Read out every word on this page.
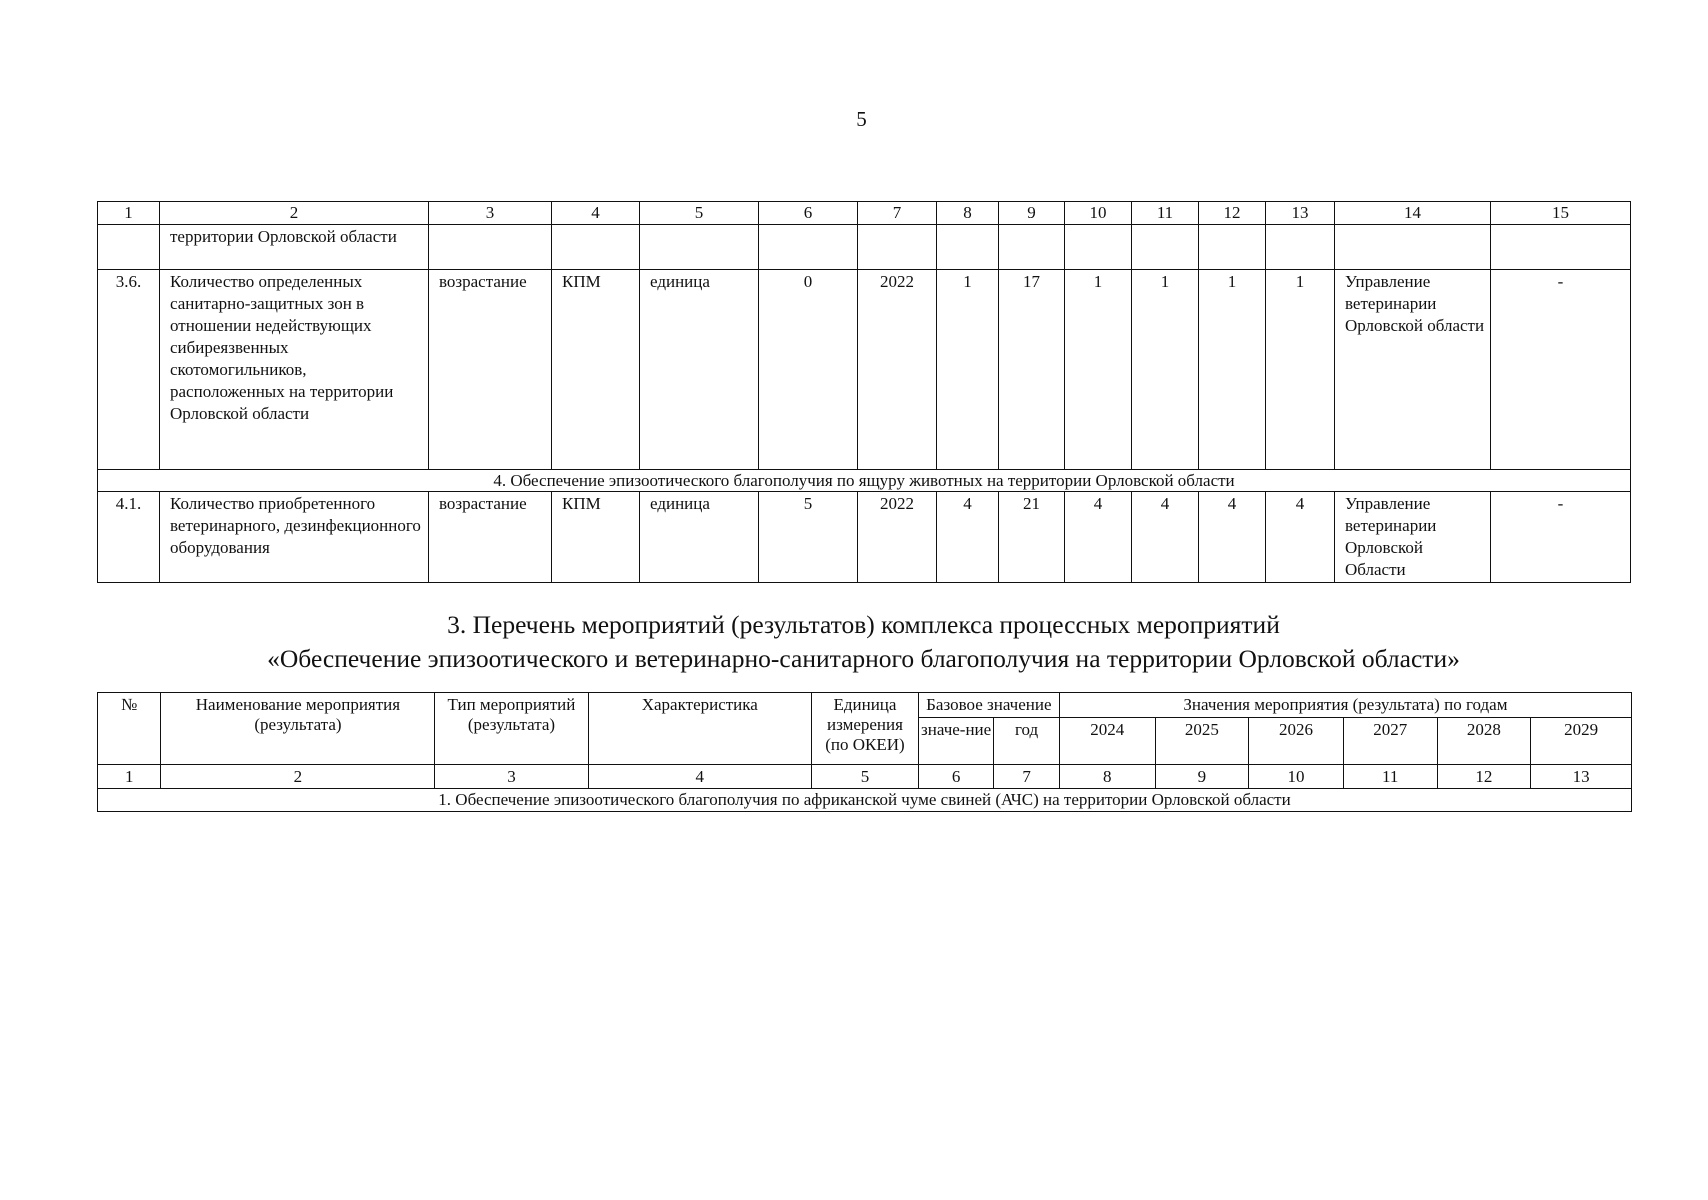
5
1	2	3	4	5	6	7	8	9	10	11	12	13	14	15
	территории Орловской области													
3.6.	Количество определенных санитарно-защитных зон в отношении недействующих сибиреязвенных скотомогильников, расположенных на территории Орловской области	возрастание	КПМ	единица	0	2022	1	17	1	1	1	1	Управление ветеринарии Орловской области	-
4. Обеспечение эпизоотического благополучия по ящуру животных на территории Орловской области														
4.1.	Количество приобретенного ветеринарного, дезинфекционного оборудования	возрастание	КПМ	единица	5	2022	4	21	4	4	4	4	Управление ветеринарии Орловской Области	-
3. Перечень мероприятий (результатов) комплекса процессных мероприятий
«Обеспечение эпизоотического и ветеринарно-санитарного благополучия на территории Орловской области»
№	Наименование мероприятия (результата)	Тип мероприятий (результата)	Характеристика	Единица измерения (по ОКЕИ)	Базовое значение		Значения мероприятия (результата) по годам					
					значе-ние	год	2024	2025	2026	2027	2028	2029
1	2	3	4	5	6	7	8	9	10	11	12	13
1. Обеспечение эпизоотического благополучия по африканской чуме свиней (АЧС) на территории Орловской области												
